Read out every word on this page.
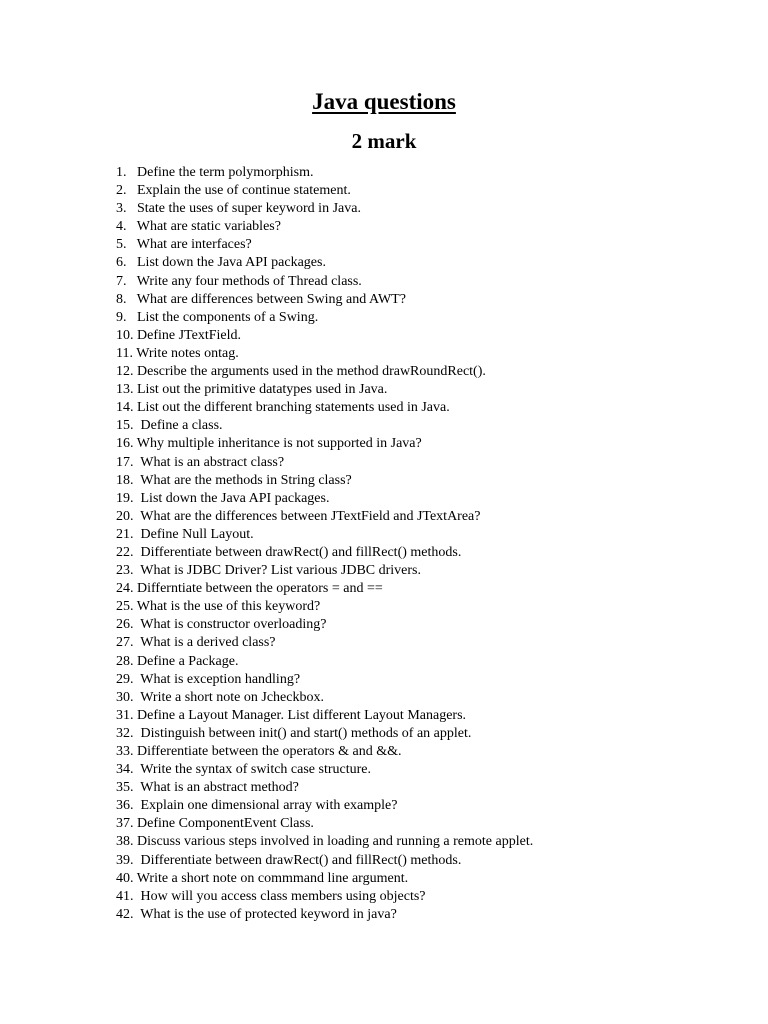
Java questions
2 mark
1.   Define the term polymorphism.
2.   Explain the use of continue statement.
3.   State the uses of super keyword in Java.
4.   What are static variables?
5.   What are interfaces?
6.   List down the Java API packages.
7.   Write any four methods of Thread class.
8.   What are differences between Swing and AWT?
9.   List the components of a Swing.
10. Define JTextField.
11. Write notes ontag.
12. Describe the arguments used in the method drawRoundRect().
13. List out the primitive datatypes used in Java.
14. List out the different branching statements used in Java.
15.  Define a class.
16. Why multiple inheritance is not supported in Java?
17.  What is an abstract class?
18.  What are the methods in String class?
19.  List down the Java API packages.
20.  What are the differences between JTextField and JTextArea?
21.  Define Null Layout.
22.  Differentiate between drawRect() and fillRect() methods.
23.  What is JDBC Driver? List various JDBC drivers.
24. Differntiate between the operators = and ==
25. What is the use of this keyword?
26.  What is constructor overloading?
27.  What is a derived class?
28. Define a Package.
29.  What is exception handling?
30.  Write a short note on Jcheckbox.
31. Define a Layout Manager. List different Layout Managers.
32.  Distinguish between init() and start() methods of an applet.
33. Differentiate between the operators & and &&.
34.  Write the syntax of switch case structure.
35.  What is an abstract method?
36.  Explain one dimensional array with example?
37. Define ComponentEvent Class.
38. Discuss various steps involved in loading and running a remote applet.
39.  Differentiate between drawRect() and fillRect() methods.
40. Write a short note on commmand line argument.
41.  How will you access class members using objects?
42.  What is the use of protected keyword in java?
